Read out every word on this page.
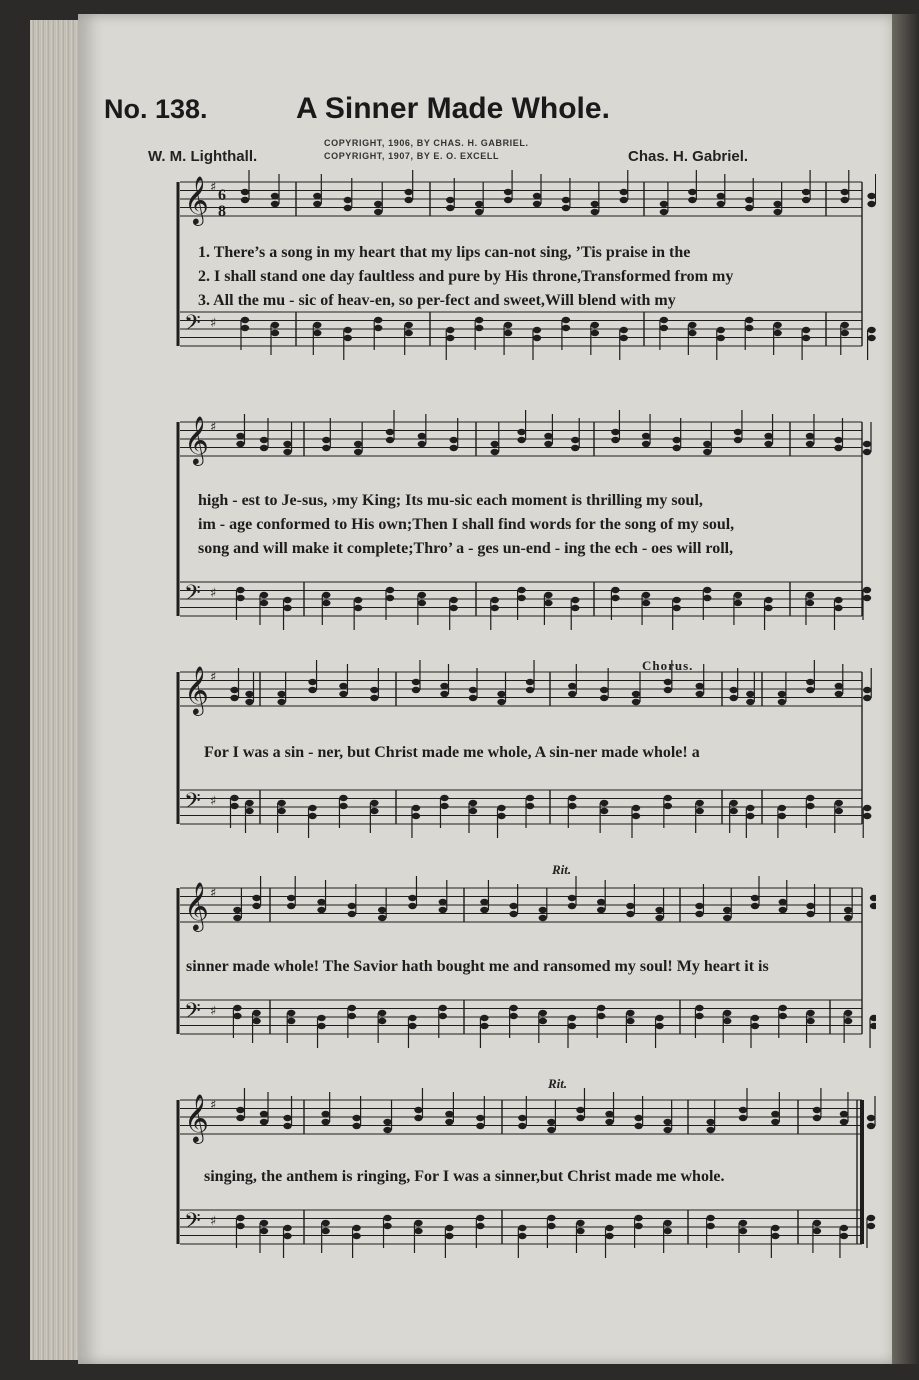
No. 138.	A Sinner Made Whole.
W. M. Lighthall.	Chas. H. Gabriel.
COPYRIGHT, 1906, BY CHAS. H. GABRIEL.
COPYRIGHT, 1907, BY E. O. EXCELL
𝄞 ♯
𝄢 ♯
𝄞 ♯
𝄢 ♯
𝄞 ♯
𝄢 ♯
𝄞 ♯
𝄢 ♯
𝄞 ♯
𝄢 ♯
6
8
1. There’s a song in my heart that my lips can-not sing, ’Tis praise in the
2. I shall stand one day faultless and pure by His throne,Transformed from my
3. All the mu - sic of heav-en, so per-fect and sweet,Will blend with my
high - est to Je-sus, ›my King; Its mu-sic each moment is thrilling my soul,
im - age conformed to His own;Then I shall find words for the song of my soul,
song and will make it complete;Thro’ a - ges un-end - ing the ech - oes will roll,
Chorus.
For I was a sin - ner, but Christ made me whole, A sin-ner made whole! a
Rit.
sinner made whole! The Savior hath bought me and ransomed my soul! My heart it is
Rit.
singing, the anthem is ringing, For I was a sinner,but Christ made me whole.
